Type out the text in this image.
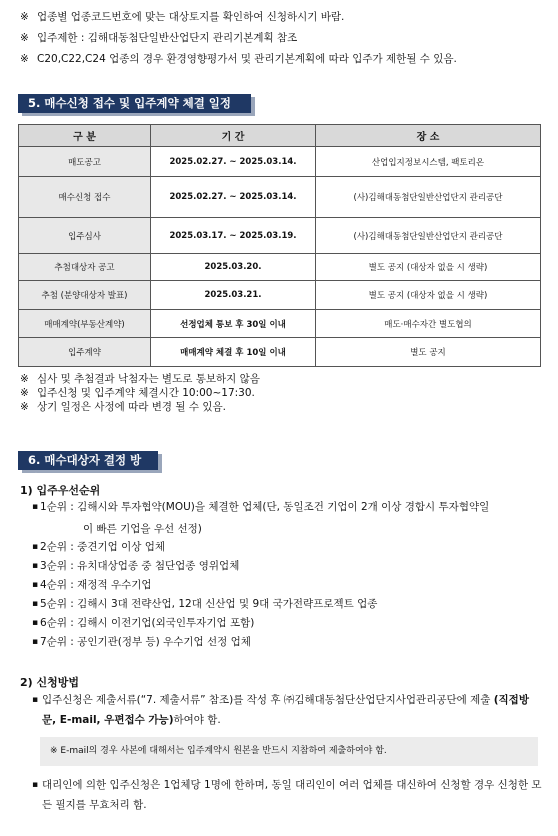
※ 업종별 업종코드번호에 맞는 대상토지를 확인하여 신청하시기 바람.
※ 입주제한 : 김해대동첨단일반산업단지 관리기본계획 참조
※ C20,C22,C24 업종의 경우 환경영향평가서 및 관리기본계획에 따라 입주가 제한될 수 있음.
5. 매수신청 접수 및 입주계약 체결 일정
구 분	기 간	장 소
매도공고	2025.02.27. ~ 2025.03.14.	산업입지정보시스템, 팩토리온
매수신청 접수	2025.02.27. ~ 2025.03.14.	(사)김해대동첨단일반산업단지 관리공단
입주심사	2025.03.17. ~ 2025.03.19.	(사)김해대동첨단일반산업단지 관리공단
추첨대상자 공고	2025.03.20.	별도 공지 (대상자 없을 시 생략)
추첨 (분양대상자 발표)	2025.03.21.	별도 공지 (대상자 없을 시 생략)
매매계약(부동산계약)	선정업체 통보 후 30일 이내	매도·매수자간 별도협의
입주계약	매매계약 체결 후 10일 이내	별도 공지
※ 심사 및 추첨결과 낙첨자는 별도로 통보하지 않음
※ 입주신청 및 입주계약 체결시간 10:00~17:30.
※ 상기 일정은 사정에 따라 변경 될 수 있음.
6. 매수대상자 결정 방법
1) 입주우선순위
▪ 1순위 : 김해시와 투자협약(MOU)을 체결한 업체(단, 동일조건 기업이 2개 이상 경합시 투자협약일
이 빠른 기업을 우선 선정)
▪ 2순위 : 중견기업 이상 업체
▪ 3순위 : 유치대상업종 중 첨단업종 영위업체
▪ 4순위 : 재정적 우수기업
▪ 5순위 : 김해시 3대 전략산업, 12대 신산업 및 9대 국가전략프로젝트 업종
▪ 6순위 : 김해시 이전기업(외국인투자기업 포함)
▪ 7순위 : 공인기관(정부 등) 우수기업 선정 업체
2) 신청방법
▪ 입주신청은 제출서류(“7. 제출서류” 참조)를 작성 후 ㈜김해대동첨단산업단지사업관리공단에 제출 (직접방문, E-mail, 우편접수 가능)하여야 함.
※ E-mail의 경우 사본에 대해서는 입주계약시 원본을 반드시 지참하여 제출하여야 함.
▪ 대리인에 의한 입주신청은 1업체당 1명에 한하며, 동일 대리인이 여러 업체를 대신하여 신청할 경우 신청한 모든 필지를 무효처리 함.
